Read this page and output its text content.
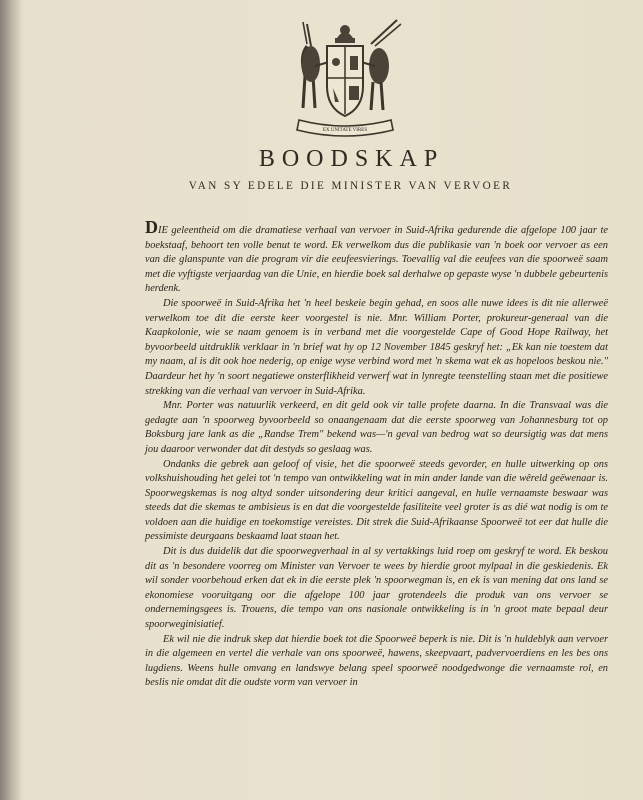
EX UNITATE VIRES
BOODSKAP
VAN SY EDELE DIE MINISTER VAN VERVOER

DIE geleentheid om die dramatiese verhaal van vervoer in Suid-Afrika gedurende die afgelope 100 jaar te boekstaaf, behoort ten volle benut te word. Ek verwelkom dus die publikasie van 'n boek oor vervoer as een van die glanspunte van die program vir die eeufeesvierings. Toevallig val die eeufees van die spoorweë saam met die vyftigste verjaardag van die Unie, en hierdie boek sal derhalwe op gepaste wyse 'n dubbele gebeurtenis herdenk.

Die spoorweë in Suid-Afrika het 'n heel beskeie begin gehad, en soos alle nuwe idees is dit nie allerweë verwelkom toe dit die eerste keer voorgestel is nie. Mnr. William Porter, prokureur-generaal van die Kaapkolonie, wie se naam genoem is in verband met die voorgestelde Cape of Good Hope Railway, het byvoorbeeld uitdruklik verklaar in 'n brief wat hy op 12 November 1845 geskryf het: „Ek kan nie toestem dat my naam, al is dit ook hoe nederig, op enige wyse verbind word met 'n skema wat ek as hopeloos beskou nie." Daardeur het hy 'n soort negatiewe onsterflikheid verwerf wat in lynregte teenstelling staan met die positiewe strekking van die verhaal van vervoer in Suid-Afrika.

Mnr. Porter was natuurlik verkeerd, en dit geld ook vir talle profete daarna. In die Transvaal was die gedagte aan 'n spoorweg byvoorbeeld so onaangenaam dat die eerste spoorweg van Johannesburg tot op Boksburg jare lank as die „Randse Trem" bekend was—'n geval van bedrog wat so deursigtig was dat mens jou daaroor verwonder dat dit destyds so geslaag was.

Ondanks die gebrek aan geloof of visie, het die spoorweë steeds gevorder, en hulle uitwerking op ons volkshuishouding het gelei tot 'n tempo van ontwikkeling wat in min ander lande van die wêreld geëwenaar is. Spoorwegskemas is nog altyd sonder uitsondering deur kritici aangeval, en hulle vernaamste beswaar was steeds dat die skemas te ambisieus is en dat die voorgestelde fasiliteite veel groter is as dié wat nodig is om te voldoen aan die huidige en toekomstige vereistes. Dit strek die Suid-Afrikaanse Spoorweë tot eer dat hulle die pessimiste deurgaans beskaamd laat staan het.

Dit is dus duidelik dat die spoorwegverhaal in al sy vertakkings luid roep om geskryf te word. Ek beskou dit as 'n besondere voorreg om Minister van Vervoer te wees by hierdie groot mylpaal in die geskiedenis. Ek wil sonder voorbehoud erken dat ek in die eerste plek 'n spoorwegman is, en ek is van mening dat ons land se ekonomiese vooruitgang oor die afgelope 100 jaar grotendeels die produk van ons vervoer se ondernemingsgees is. Trouens, die tempo van ons nasionale ontwikkeling is in 'n groot mate bepaal deur spoorweginisiatief.

Ek wil nie die indruk skep dat hierdie boek tot die Spoorweë beperk is nie. Dit is 'n huldeblyk aan vervoer in die algemeen en vertel die verhale van ons spoorweë, hawens, skeepvaart, padvervoerdiens en les bes ons lugdiens. Weens hulle omvang en landswye belang speel spoorweë noodgedwonge die vernaamste rol, en beslis nie omdat dit die oudste vorm van vervoer in
